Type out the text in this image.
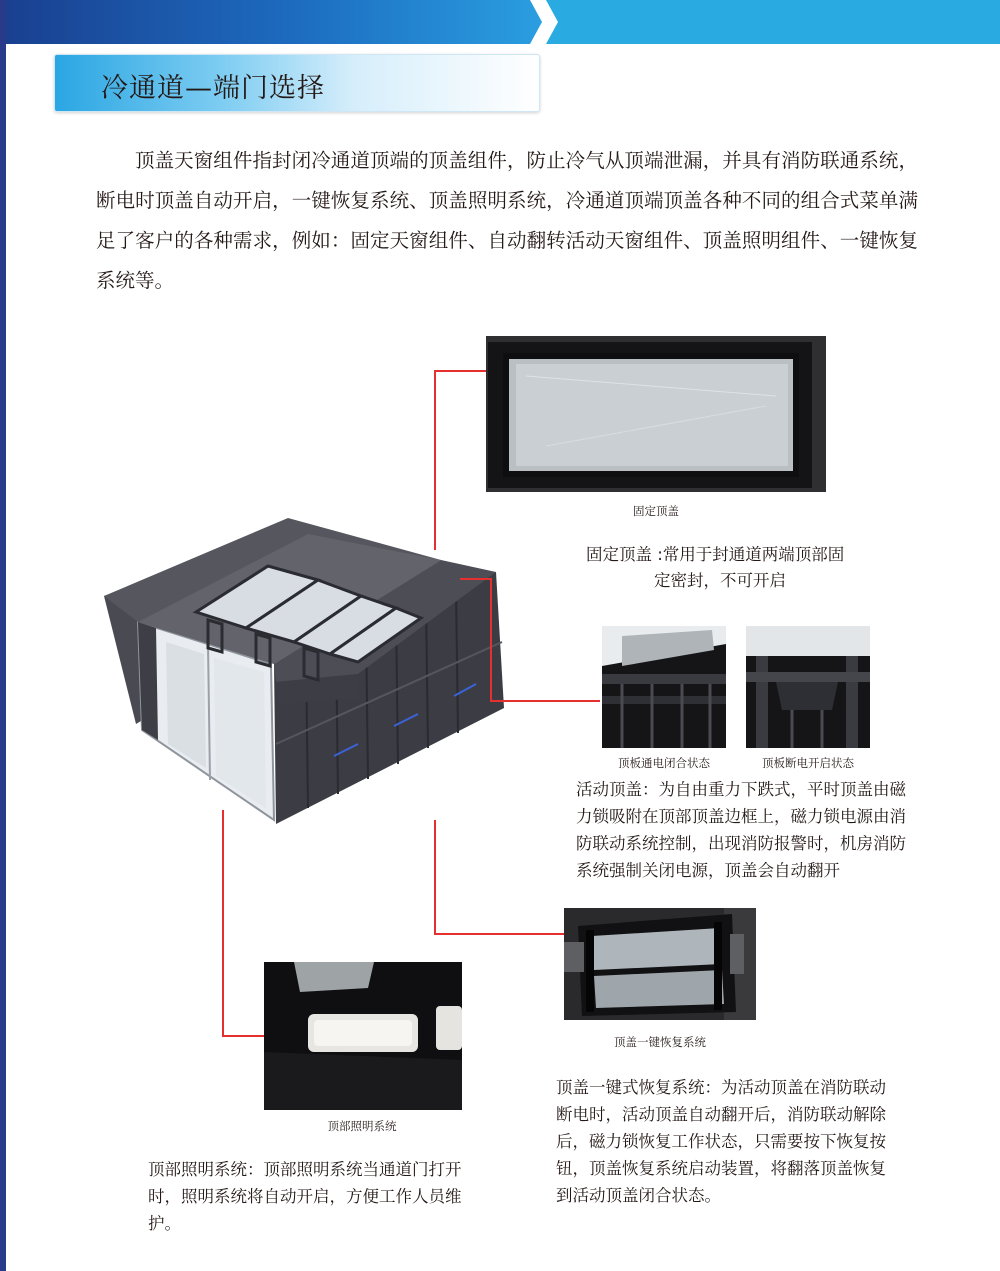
冷通道—端门选择

顶盖天窗组件指封闭冷通道顶端的顶盖组件，防止冷气从顶端泄漏，并具有消防联通系统，断电时顶盖自动开启，一键恢复系统、顶盖照明系统，冷通道顶端顶盖各种不同的组合式菜单满足了客户的各种需求，例如：固定天窗组件、自动翻转活动天窗组件、顶盖照明组件、一键恢复系统等。

固定顶盖
固定顶盖 :常用于封通道两端顶部固
定密封，不可开启
顶板通电闭合状态	顶板断电开启状态

活动顶盖：为自由重力下跌式，平时顶盖由磁力锁吸附在顶部顶盖边框上，磁力锁电源由消防联动系统控制，出现消防报警时，机房消防系统强制关闭电源，顶盖会自动翻开

顶盖一键恢复系统

顶盖一键式恢复系统：为活动顶盖在消防联动断电时，活动顶盖自动翻开后，消防联动解除后，磁力锁恢复工作状态，只需要按下恢复按钮，顶盖恢复系统启动装置，将翻落顶盖恢复到活动顶盖闭合状态。

顶部照明系统

顶部照明系统：顶部照明系统当通道门打开时，照明系统将自动开启，方便工作人员维护。
